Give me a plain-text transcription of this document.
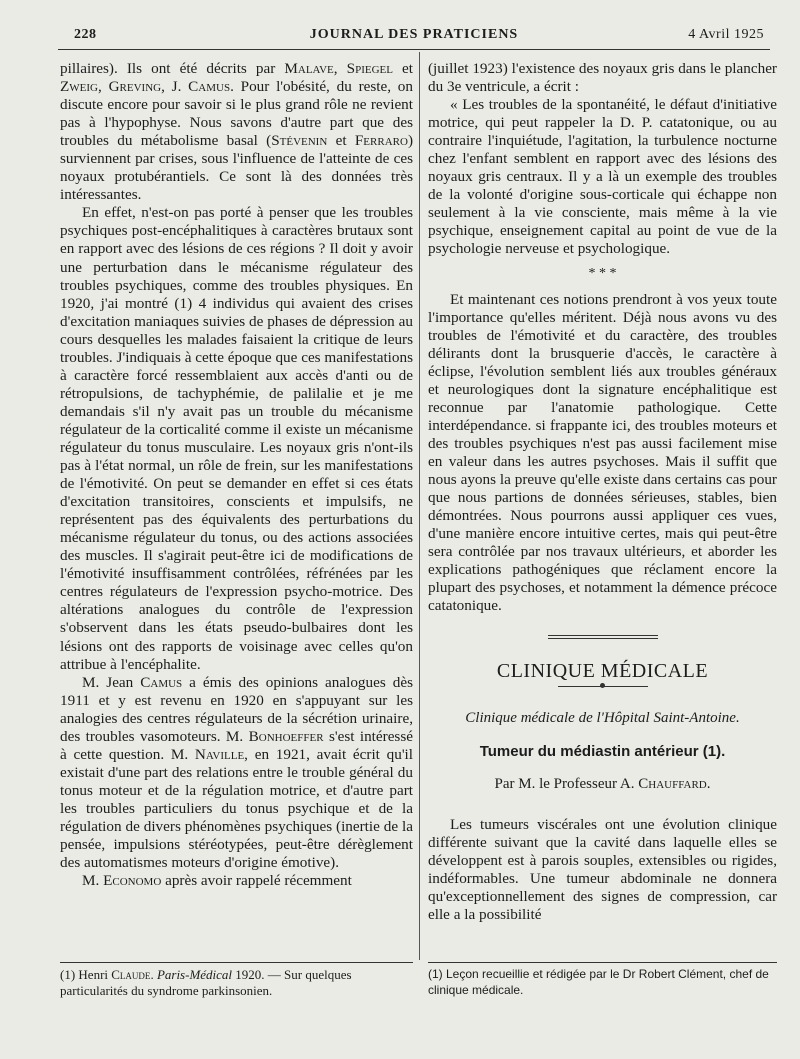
228	JOURNAL DES PRATICIENS	4 Avril 1925

pillaires). Ils ont été décrits par Malave, Spiegel et Zweig, Greving, J. Camus. Pour l'obésité, du reste, on discute encore pour savoir si le plus grand rôle ne revient pas à l'hypophyse. Nous savons d'autre part que des troubles du métabolisme basal (Stévenin et Ferraro) surviennent par crises, sous l'influence de l'atteinte de ces noyaux protubérantiels. Ce sont là des données très intéressantes.

En effet, n'est-on pas porté à penser que les troubles psychiques post-encéphalitiques à caractères brutaux sont en rapport avec des lésions de ces régions ? Il doit y avoir une perturbation dans le mécanisme régulateur des troubles psychiques, comme des troubles physiques. En 1920, j'ai montré (1) 4 individus qui avaient des crises d'excitation maniaques suivies de phases de dépression au cours desquelles les malades faisaient la critique de leurs troubles. J'indiquais à cette époque que ces manifestations à caractère forcé ressemblaient aux accès d'anti ou de rétropulsions, de tachyphémie, de palilalie et je me demandais s'il n'y avait pas un trouble du mécanisme régulateur de la corticalité comme il existe un mécanisme régulateur du tonus musculaire. Les noyaux gris n'ont-ils pas à l'état normal, un rôle de frein, sur les manifestations de l'émotivité. On peut se demander en effet si ces états d'excitation transitoires, conscients et impulsifs, ne représentent pas des équivalents des perturbations du mécanisme régulateur du tonus, ou des actions associées des muscles. Il s'agirait peut-être ici de modifications de l'émotivité insuffisamment contrôlées, réfrénées par les centres régulateurs de l'expression psycho-motrice. Des altérations analogues du contrôle de l'expression s'observent dans les états pseudo-bulbaires dont les lésions ont des rapports de voisinage avec celles qu'on attribue à l'encéphalite.

M. Jean Camus a émis des opinions analogues dès 1911 et y est revenu en 1920 en s'appuyant sur les analogies des centres régulateurs de la sécrétion urinaire, des troubles vasomoteurs. M. Bonhoeffer s'est intéressé à cette question. M. Naville, en 1921, avait écrit qu'il existait d'une part des relations entre le trouble général du tonus moteur et de la régulation motrice, et d'autre part les troubles particuliers du tonus psychique et de la régulation de divers phénomènes psychiques (inertie de la pensée, impulsions stéréotypées, peut-être dérèglement des automatismes moteurs d'origine émotive).

M. Economo après avoir rappelé récemment

(juillet 1923) l'existence des noyaux gris dans le plancher du 3e ventricule, a écrit :

« Les troubles de la spontanéité, le défaut d'initiative motrice, qui peut rappeler la D. P. catatonique, ou au contraire l'inquiétude, l'agitation, la turbulence nocturne chez l'enfant semblent en rapport avec des lésions des noyaux gris centraux. Il y a là un exemple des troubles de la volonté d'origine sous-corticale qui échappe non seulement à la vie consciente, mais même à la vie psychique, enseignement capital au point de vue de la psychologie nerveuse et psychologique.

* * *

Et maintenant ces notions prendront à vos yeux toute l'importance qu'elles méritent. Déjà nous avons vu des troubles de l'émotivité et du caractère, des troubles délirants dont la brusquerie d'accès, le caractère à éclipse, l'évolution semblent liés aux troubles généraux et neurologiques dont la signature encéphalitique est reconnue par l'anatomie pathologique. Cette interdépendance. si frappante ici, des troubles moteurs et des troubles psychiques n'est pas aussi facilement mise en valeur dans les autres psychoses. Mais il suffit que nous ayons la preuve qu'elle existe dans certains cas pour que nous partions de données sérieuses, stables, bien démontrées. Nous pourrons aussi appliquer ces vues, d'une manière encore intuitive certes, mais qui peut-être sera contrôlée par nos travaux ultérieurs, et aborder les explications pathogéniques que réclament encore la plupart des psychoses, et notamment la démence précoce catatonique.

CLINIQUE MÉDICALE
Clinique médicale de l'Hôpital Saint-Antoine.
Tumeur du médiastin antérieur (1).
Par M. le Professeur A. Chauffard.

Les tumeurs viscérales ont une évolution clinique différente suivant que la cavité dans laquelle elles se développent est à parois souples, extensibles ou rigides, indéformables. Une tumeur abdominale ne donnera qu'exceptionnellement des signes de compression, car elle a la possibilité

(1) Henri Claude. Paris-Médical 1920. — Sur quelques particularités du syndrome parkinsonien.
(1) Leçon recueillie et rédigée par le Dr Robert Clément, chef de clinique médicale.
